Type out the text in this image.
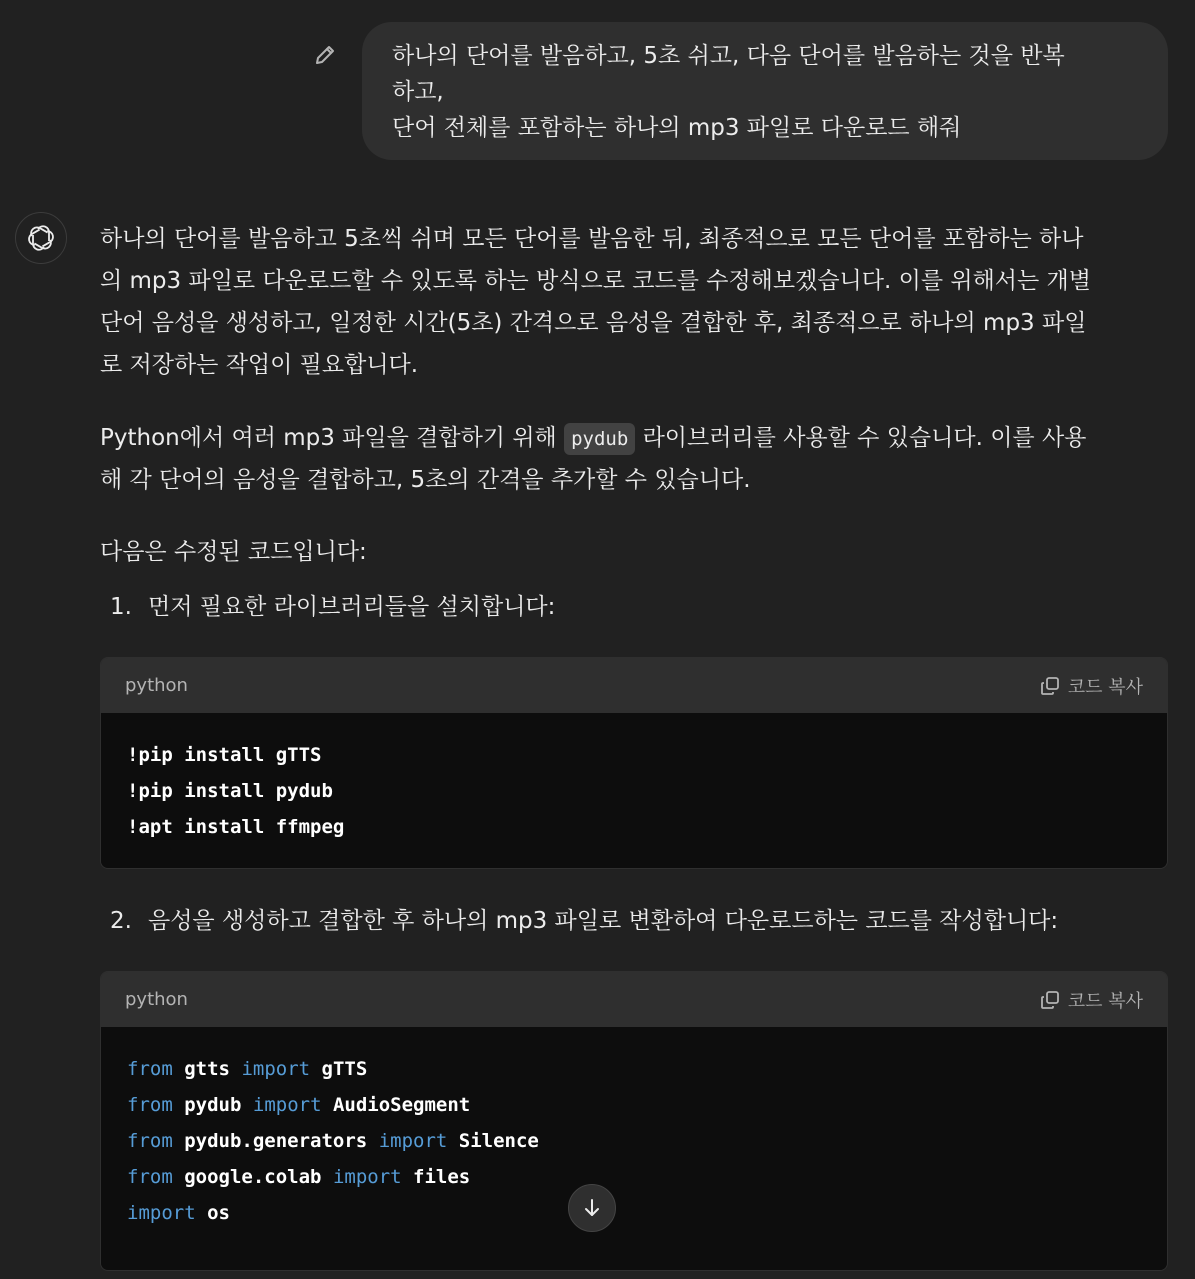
하나의 단어를 발음하고, 5초 쉬고, 다음 단어를 발음하는 것을 반복
하고,
단어 전체를 포함하는 하나의 mp3 파일로 다운로드 해줘
하나의 단어를 발음하고 5초씩 쉬며 모든 단어를 발음한 뒤, 최종적으로 모든 단어를 포함하는 하나
의 mp3 파일로 다운로드할 수 있도록 하는 방식으로 코드를 수정해보겠습니다. 이를 위해서는 개별
단어 음성을 생성하고, 일정한 시간(5초) 간격으로 음성을 결합한 후, 최종적으로 하나의 mp3 파일
로 저장하는 작업이 필요합니다.
Python에서 여러 mp3 파일을 결합하기 위해 pydub 라이브러리를 사용할 수 있습니다. 이를 사용
해 각 단어의 음성을 결합하고, 5초의 간격을 추가할 수 있습니다.
다음은 수정된 코드입니다:
1. 먼저 필요한 라이브러리들을 설치합니다:
python	코드 복사
!pip install gTTS
!pip install pydub
!apt install ffmpeg
2. 음성을 생성하고 결합한 후 하나의 mp3 파일로 변환하여 다운로드하는 코드를 작성합니다:
python	코드 복사
from gtts import gTTS
from pydub import AudioSegment
from pydub.generators import Silence
from google.colab import files
import os
